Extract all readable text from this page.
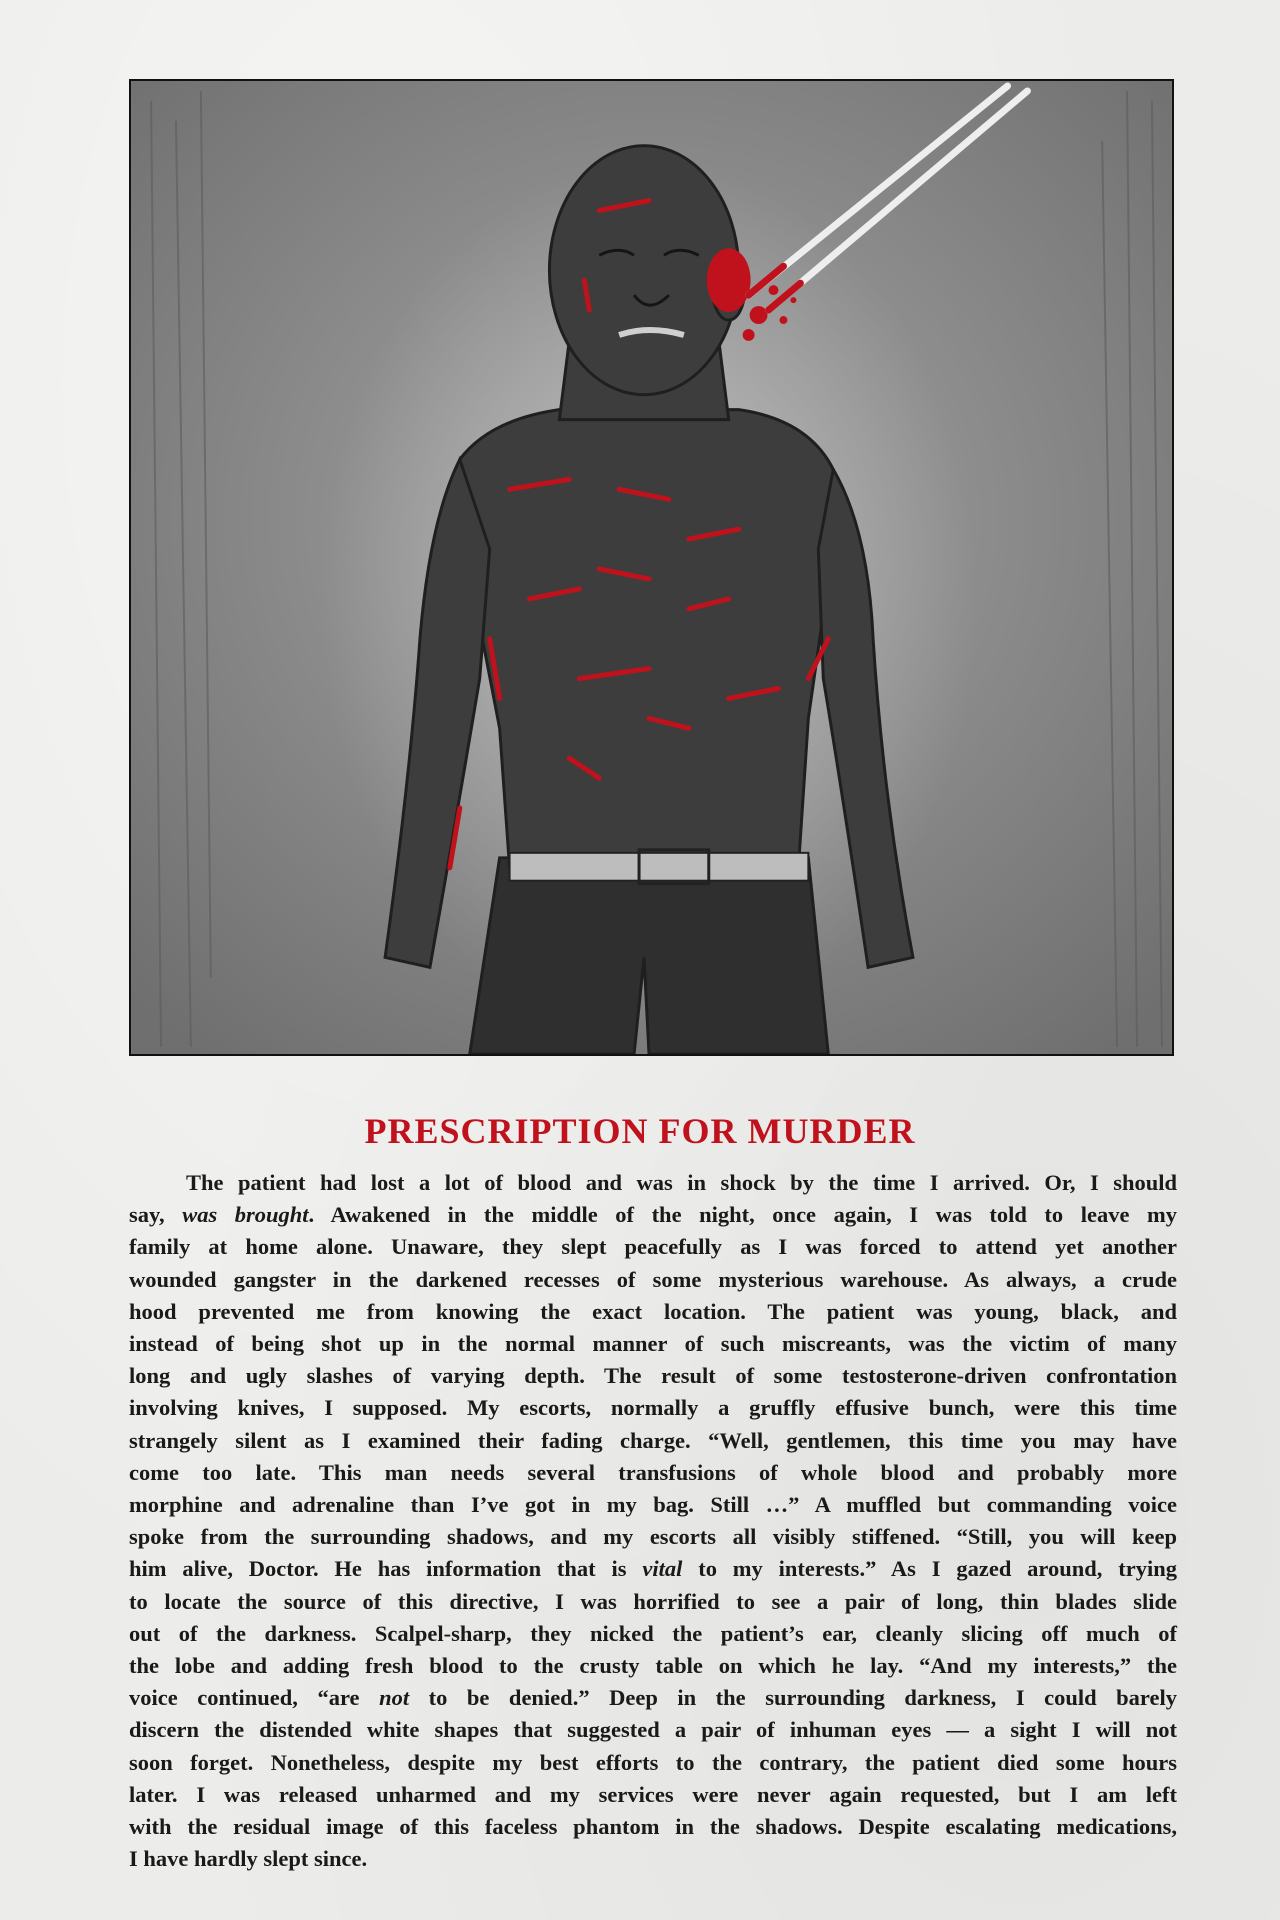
PRESCRIPTION FOR MURDER
The patient had lost a lot of blood and was in shock by the time I arrived. Or, I should
say, was brought. Awakened in the middle of the night, once again, I was told to leave my
family at home alone. Unaware, they slept peacefully as I was forced to attend yet another
wounded gangster in the darkened recesses of some mysterious warehouse. As always, a crude
hood prevented me from knowing the exact location. The patient was young, black, and
instead of being shot up in the normal manner of such miscreants, was the victim of many
long and ugly slashes of varying depth. The result of some testosterone-driven confrontation
involving knives, I supposed. My escorts, normally a gruffly effusive bunch, were this time
strangely silent as I examined their fading charge. “Well, gentlemen, this time you may have
come too late. This man needs several transfusions of whole blood and probably more
morphine and adrenaline than I’ve got in my bag. Still …” A muffled but commanding voice
spoke from the surrounding shadows, and my escorts all visibly stiffened. “Still, you will keep
him alive, Doctor. He has information that is vital to my interests.” As I gazed around, trying
to locate the source of this directive, I was horrified to see a pair of long, thin blades slide
out of the darkness. Scalpel-sharp, they nicked the patient’s ear, cleanly slicing off much of
the lobe and adding fresh blood to the crusty table on which he lay. “And my interests,” the
voice continued, “are not to be denied.” Deep in the surrounding darkness, I could barely
discern the distended white shapes that suggested a pair of inhuman eyes — a sight I will not
soon forget. Nonetheless, despite my best efforts to the contrary, the patient died some hours
later. I was released unharmed and my services were never again requested, but I am left
with the residual image of this faceless phantom in the shadows. Despite escalating medications,
I have hardly slept since.
